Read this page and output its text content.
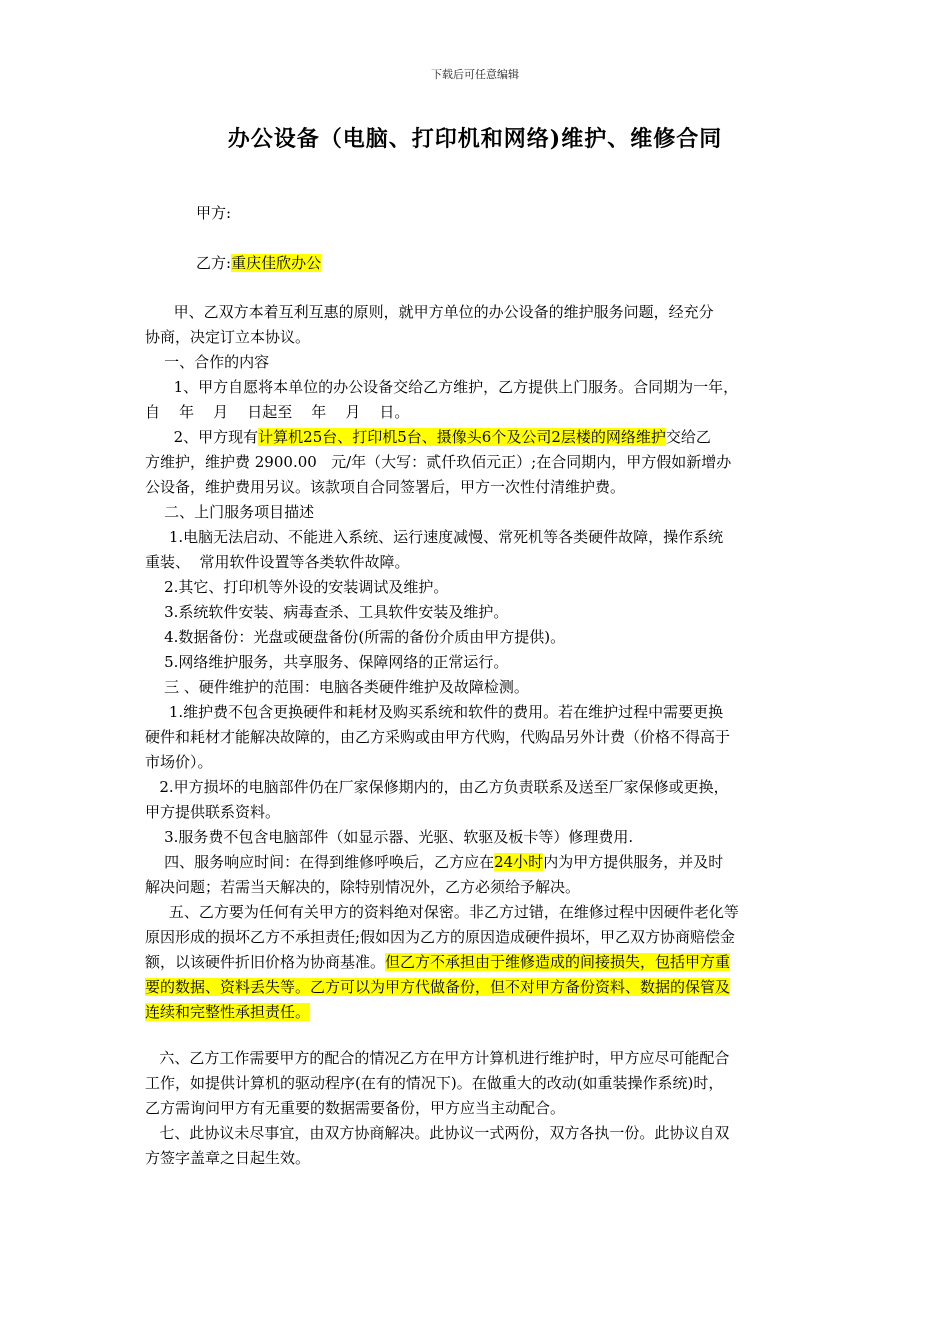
下载后可任意编辑
办公设备（电脑、打印机和网络)维护、维修合同
甲方:
乙方:重庆佳欣办公

甲、乙双方本着互利互惠的原则，就甲方单位的办公设备的维护服务问题，经充分

协商，决定订立本协议。

一、合作的内容

1、甲方自愿将本单位的办公设备交给乙方维护，乙方提供上门服务。合同期为一年，

自    年    月    日起至    年    月    日。

2、甲方现有计算机25台、打印机5台、摄像头6个及公司2层楼的网络维护交给乙

方维护，维护费 2900.00   元/年（大写：贰仟玖佰元正）;在合同期内，甲方假如新增办

公设备，维护费用另议。该款项自合同签署后，甲方一次性付清维护费。

二、上门服务项目描述

1.电脑无法启动、不能进入系统、运行速度减慢、常死机等各类硬件故障，操作系统

重装、  常用软件设置等各类软件故障。

2.其它、打印机等外设的安装调试及维护。

3.系统软件安装、病毒查杀、工具软件安装及维护。

4.数据备份：光盘或硬盘备份(所需的备份介质由甲方提供)。

5.网络维护服务，共享服务、保障网络的正常运行。

三 、硬件维护的范围：电脑各类硬件维护及故障检测。

1.维护费不包含更换硬件和耗材及购买系统和软件的费用。若在维护过程中需要更换

硬件和耗材才能解决故障的，由乙方采购或由甲方代购，代购品另外计费（价格不得高于

市场价）。

2.甲方损坏的电脑部件仍在厂家保修期内的，由乙方负责联系及送至厂家保修或更换，

甲方提供联系资料。

3.服务费不包含电脑部件（如显示器、光驱、软驱及板卡等）修理费用.

四、服务响应时间：在得到维修呼唤后，乙方应在24小时内为甲方提供服务，并及时

解决问题；若需当天解决的，除特别情况外，乙方必须给予解决。

五、乙方要为任何有关甲方的资料绝对保密。非乙方过错，在维修过程中因硬件老化等

原因形成的损坏乙方不承担责任;假如因为乙方的原因造成硬件损坏，甲乙双方协商赔偿金

额，以该硬件折旧价格为协商基准。但乙方不承担由于维修造成的间接损失，包括甲方重

要的数据、资料丢失等。乙方可以为甲方代做备份，但不对甲方备份资料、数据的保管及

连续和完整性承担责任。

六、乙方工作需要甲方的配合的情况乙方在甲方计算机进行维护时，甲方应尽可能配合

工作，如提供计算机的驱动程序(在有的情况下)。在做重大的改动(如重装操作系统)时，

乙方需询问甲方有无重要的数据需要备份，甲方应当主动配合。

七、此协议未尽事宜，由双方协商解决。此协议一式两份，双方各执一份。此协议自双

方签字盖章之日起生效。
